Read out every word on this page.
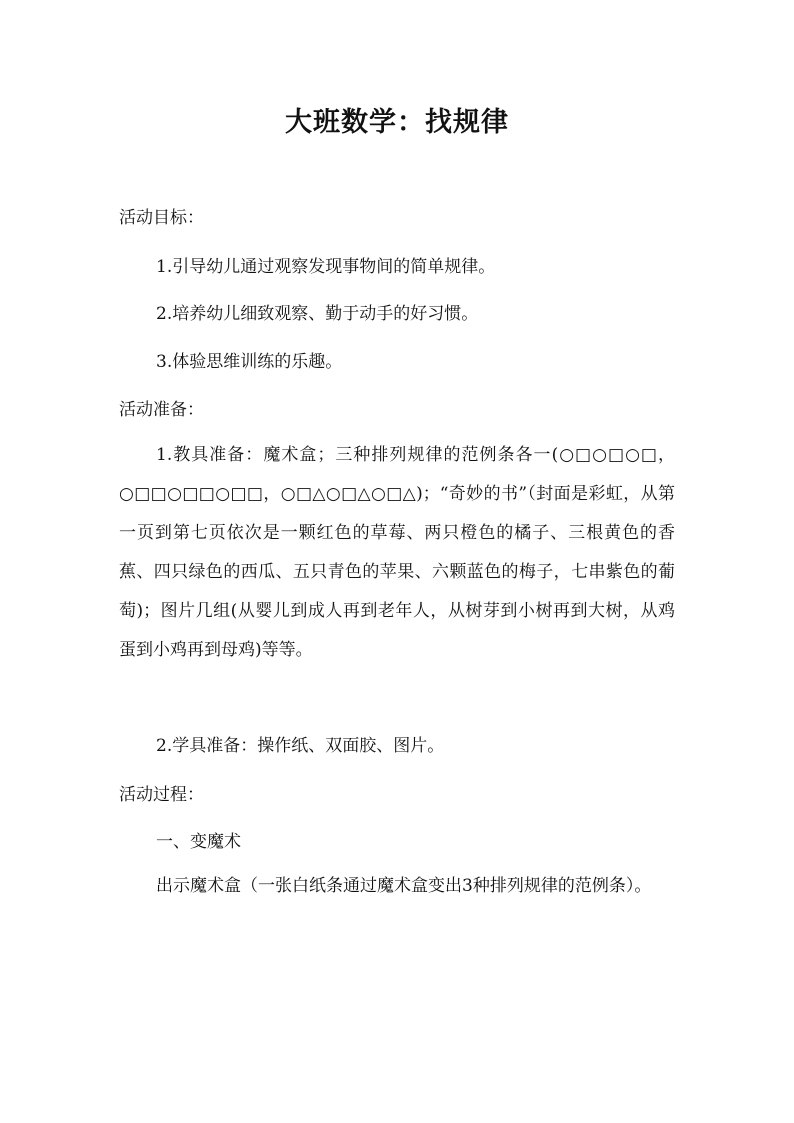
大班数学：找规律
活动目标：
1.引导幼儿通过观察发现事物间的简单规律。
2.培养幼儿细致观察、勤于动手的好习惯。
3.体验思维训练的乐趣。
活动准备：
1.教具准备：魔术盒；三种排列规律的范例条各一(○□○□○□，○□□○□□○□□，○□△○□△○□△)；“奇妙的书”（封面是彩虹，从第一页到第七页依次是一颗红色的草莓、两只橙色的橘子、三根黄色的香蕉、四只绿色的西瓜、五只青色的苹果、六颗蓝色的梅子，七串紫色的葡萄)；图片几组(从婴儿到成人再到老年人，从树芽到小树再到大树，从鸡蛋到小鸡再到母鸡)等等。
2.学具准备：操作纸、双面胶、图片。
活动过程：
一、变魔术
出示魔术盒（一张白纸条通过魔术盒变出3种排列规律的范例条）。
